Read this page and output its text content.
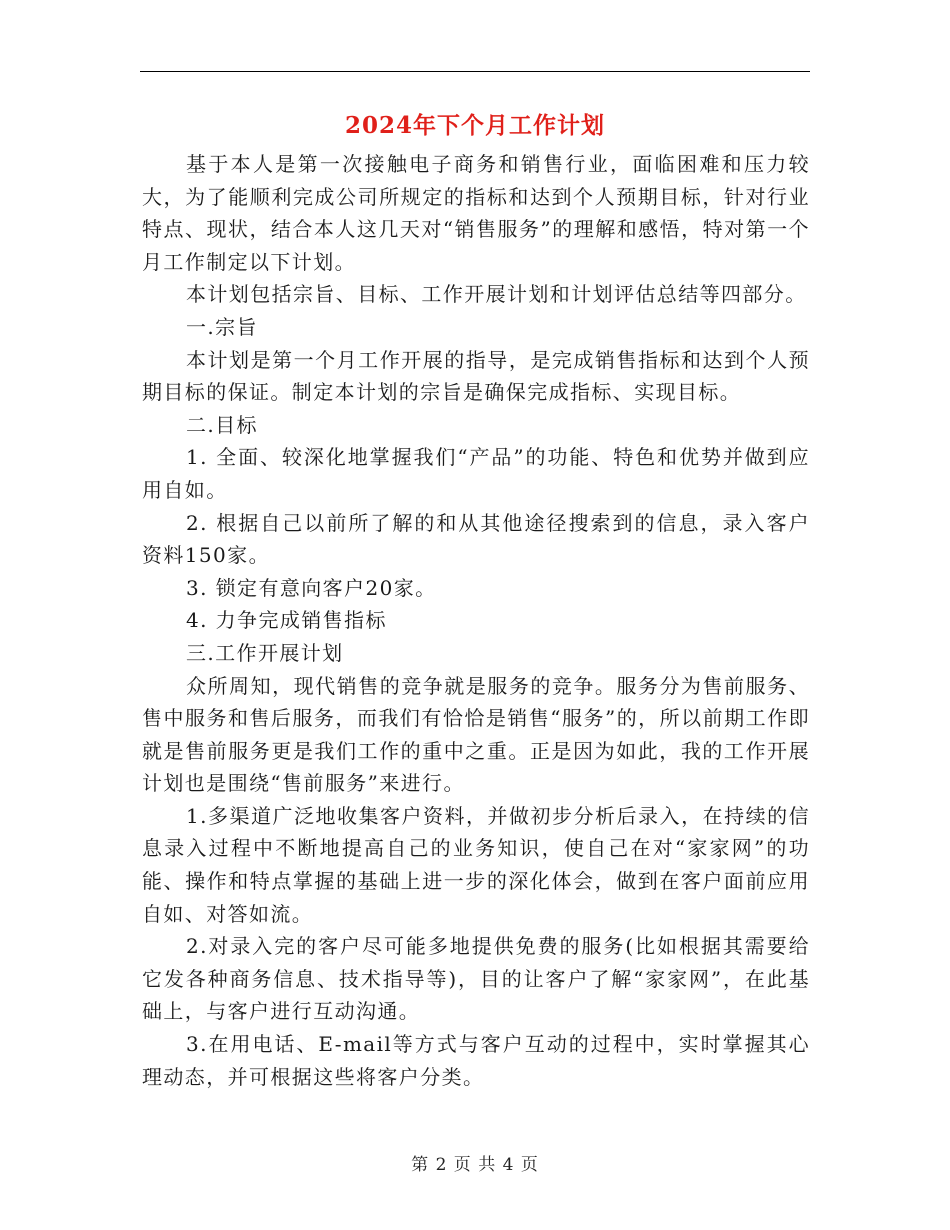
2024年下个月工作计划

基于本人是第一次接触电子商务和销售行业，面临困难和压力较大，为了能顺利完成公司所规定的指标和达到个人预期目标，针对行业特点、现状，结合本人这几天对“销售服务”的理解和感悟，特对第一个月工作制定以下计划。

本计划包括宗旨、目标、工作开展计划和计划评估总结等四部分。

一.宗旨

本计划是第一个月工作开展的指导，是完成销售指标和达到个人预期目标的保证。制定本计划的宗旨是确保完成指标、实现目标。

二.目标

1. 全面、较深化地掌握我们“产品”的功能、特色和优势并做到应用自如。

2. 根据自己以前所了解的和从其他途径搜索到的信息，录入客户资料150家。

3. 锁定有意向客户20家。

4. 力争完成销售指标

三.工作开展计划

众所周知，现代销售的竞争就是服务的竞争。服务分为售前服务、售中服务和售后服务，而我们有恰恰是销售“服务”的，所以前期工作即就是售前服务更是我们工作的重中之重。正是因为如此，我的工作开展计划也是围绕“售前服务”来进行。

1.多渠道广泛地收集客户资料，并做初步分析后录入，在持续的信息录入过程中不断地提高自己的业务知识，使自己在对“家家网”的功能、操作和特点掌握的基础上进一步的深化体会，做到在客户面前应用自如、对答如流。

2.对录入完的客户尽可能多地提供免费的服务(比如根据其需要给它发各种商务信息、技术指导等)，目的让客户了解“家家网”，在此基础上，与客户进行互动沟通。

3.在用电话、E-mail等方式与客户互动的过程中，实时掌握其心理动态，并可根据这些将客户分类。

第 2 页 共 4 页
